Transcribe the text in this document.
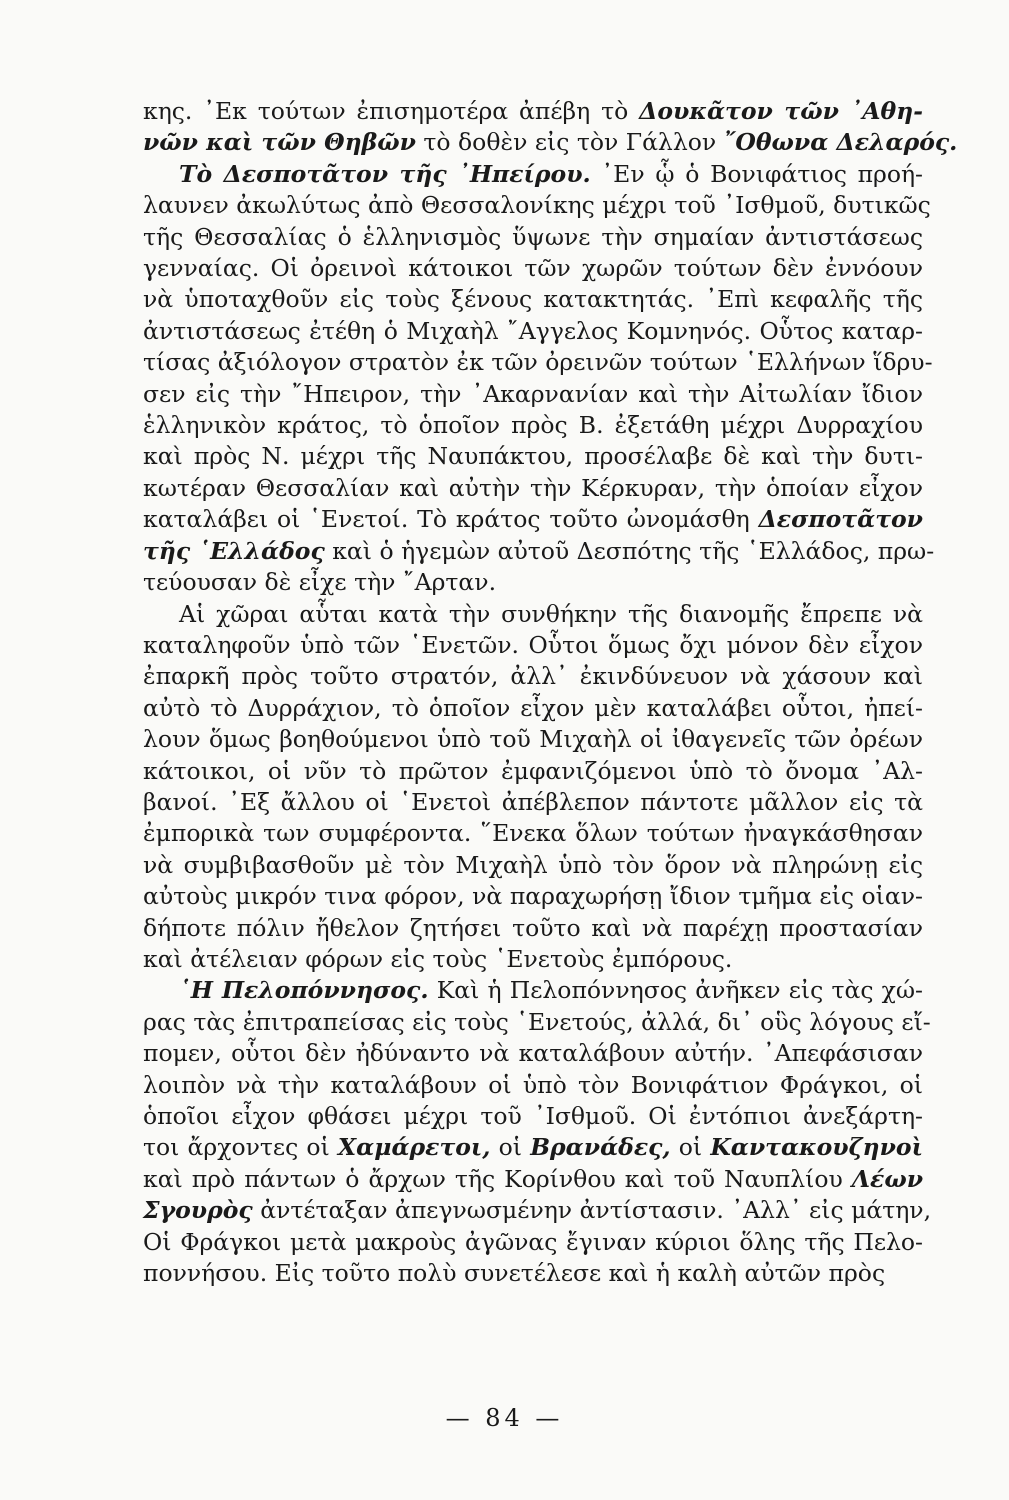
κης. ᾽Εκ τούτων ἐπισημοτέρα ἀπέβη τὸ Δουκᾶτον τῶν ᾽Αθη-
νῶν καὶ τῶν Θηβῶν τὸ δοθὲν εἰς τὸν Γάλλον ῎Οθωνα Δελαρός.
Τὸ Δεσποτᾶτον τῆς ᾽Ηπείρου. ᾽Εν ᾧ ὁ Βονιφάτιος προή-
λαυνεν ἀκωλύτως ἀπὸ Θεσσαλονίκης μέχρι τοῦ ᾽Ισθμοῦ, δυτικῶς
τῆς Θεσσαλίας ὁ ἑλληνισμὸς ὕψωνε τὴν σημαίαν ἀντιστάσεως
γενναίας. Οἱ ὀρεινοὶ κάτοικοι τῶν χωρῶν τούτων δὲν ἐννόουν
νὰ ὑποταχθοῦν εἰς τοὺς ξένους κατακτητάς. ᾽Επὶ κεφαλῆς τῆς
ἀντιστάσεως ἐτέθη ὁ Μιχαὴλ ῎Αγγελος Κομνηνός. Οὗτος καταρ-
τίσας ἀξιόλογον στρατὸν ἐκ τῶν ὀρεινῶν τούτων ῾Ελλήνων ἵδρυ-
σεν εἰς τὴν ῎Ηπειρον, τὴν ᾽Ακαρνανίαν καὶ τὴν Αἰτωλίαν ἴδιον
ἑλληνικὸν κράτος, τὸ ὁποῖον πρὸς Β. ἐξετάθη μέχρι Δυρραχίου
καὶ πρὸς Ν. μέχρι τῆς Ναυπάκτου, προσέλαβε δὲ καὶ τὴν δυτι-
κωτέραν Θεσσαλίαν καὶ αὐτὴν τὴν Κέρκυραν, τὴν ὁποίαν εἶχον
καταλάβει οἱ ῾Ενετοί. Τὸ κράτος τοῦτο ὠνομάσθη Δεσποτᾶτον
τῆς ῾Ελλάδος καὶ ὁ ἡγεμὼν αὐτοῦ Δεσπότης τῆς ῾Ελλάδος, πρω-
τεύουσαν δὲ εἶχε τὴν ῎Αρταν.
Αἱ χῶραι αὗται κατὰ τὴν συνθήκην τῆς διανομῆς ἔπρεπε νὰ
καταληφοῦν ὑπὸ τῶν ῾Ενετῶν. Οὗτοι ὅμως ὄχι μόνον δὲν εἶχον
ἐπαρκῆ πρὸς τοῦτο στρατόν, ἀλλ᾽ ἐκινδύνευον νὰ χάσουν καὶ
αὐτὸ τὸ Δυρράχιον, τὸ ὁποῖον εἶχον μὲν καταλάβει οὗτοι, ἠπεί-
λουν ὅμως βοηθούμενοι ὑπὸ τοῦ Μιχαὴλ οἱ ἰθαγενεῖς τῶν ὀρέων
κάτοικοι, οἱ νῦν τὸ πρῶτον ἐμφανιζόμενοι ὑπὸ τὸ ὄνομα ᾽Αλ-
βανοί. ᾽Εξ ἄλλου οἱ ῾Ενετοὶ ἀπέβλεπον πάντοτε μᾶλλον εἰς τὰ
ἐμπορικὰ των συμφέροντα. ῞Ενεκα ὅλων τούτων ἠναγκάσθησαν
νὰ συμβιβασθοῦν μὲ τὸν Μιχαὴλ ὑπὸ τὸν ὅρον νὰ πληρώνῃ εἰς
αὐτοὺς μικρόν τινα φόρον, νὰ παραχωρήσῃ ἴδιον τμῆμα εἰς οἱαν-
δήποτε πόλιν ἤθελον ζητήσει τοῦτο καὶ νὰ παρέχῃ προστασίαν
καὶ ἀτέλειαν φόρων εἰς τοὺς ῾Ενετοὺς ἐμπόρους.
῾Η Πελοπόννησος. Καὶ ἡ Πελοπόννησος ἀνῆκεν εἰς τὰς χώ-
ρας τὰς ἐπιτραπείσας εἰς τοὺς ῾Ενετούς, ἀλλά, δι᾽ οὓς λόγους εἴ-
πομεν, οὗτοι δὲν ἠδύναντο νὰ καταλάβουν αὐτήν. ᾽Απεφάσισαν
λοιπὸν νὰ τὴν καταλάβουν οἱ ὑπὸ τὸν Βονιφάτιον Φράγκοι, οἱ
ὁποῖοι εἶχον φθάσει μέχρι τοῦ ᾽Ισθμοῦ. Οἱ ἐντόπιοι ἀνεξάρτη-
τοι ἄρχοντες οἱ Χαμάρετοι, οἱ Βρανάδες, οἱ Καντακουζηνοὶ
καὶ πρὸ πάντων ὁ ἄρχων τῆς Κορίνθου καὶ τοῦ Ναυπλίου Λέων
Σγουρὸς ἀντέταξαν ἀπεγνωσμένην ἀντίστασιν. ᾽Αλλ᾽ εἰς μάτην,
Οἱ Φράγκοι μετὰ μακροὺς ἀγῶνας ἔγιναν κύριοι ὅλης τῆς Πελο-
ποννήσου. Εἰς τοῦτο πολὺ συνετέλεσε καὶ ἡ καλὴ αὐτῶν πρὸς
— 84 —
